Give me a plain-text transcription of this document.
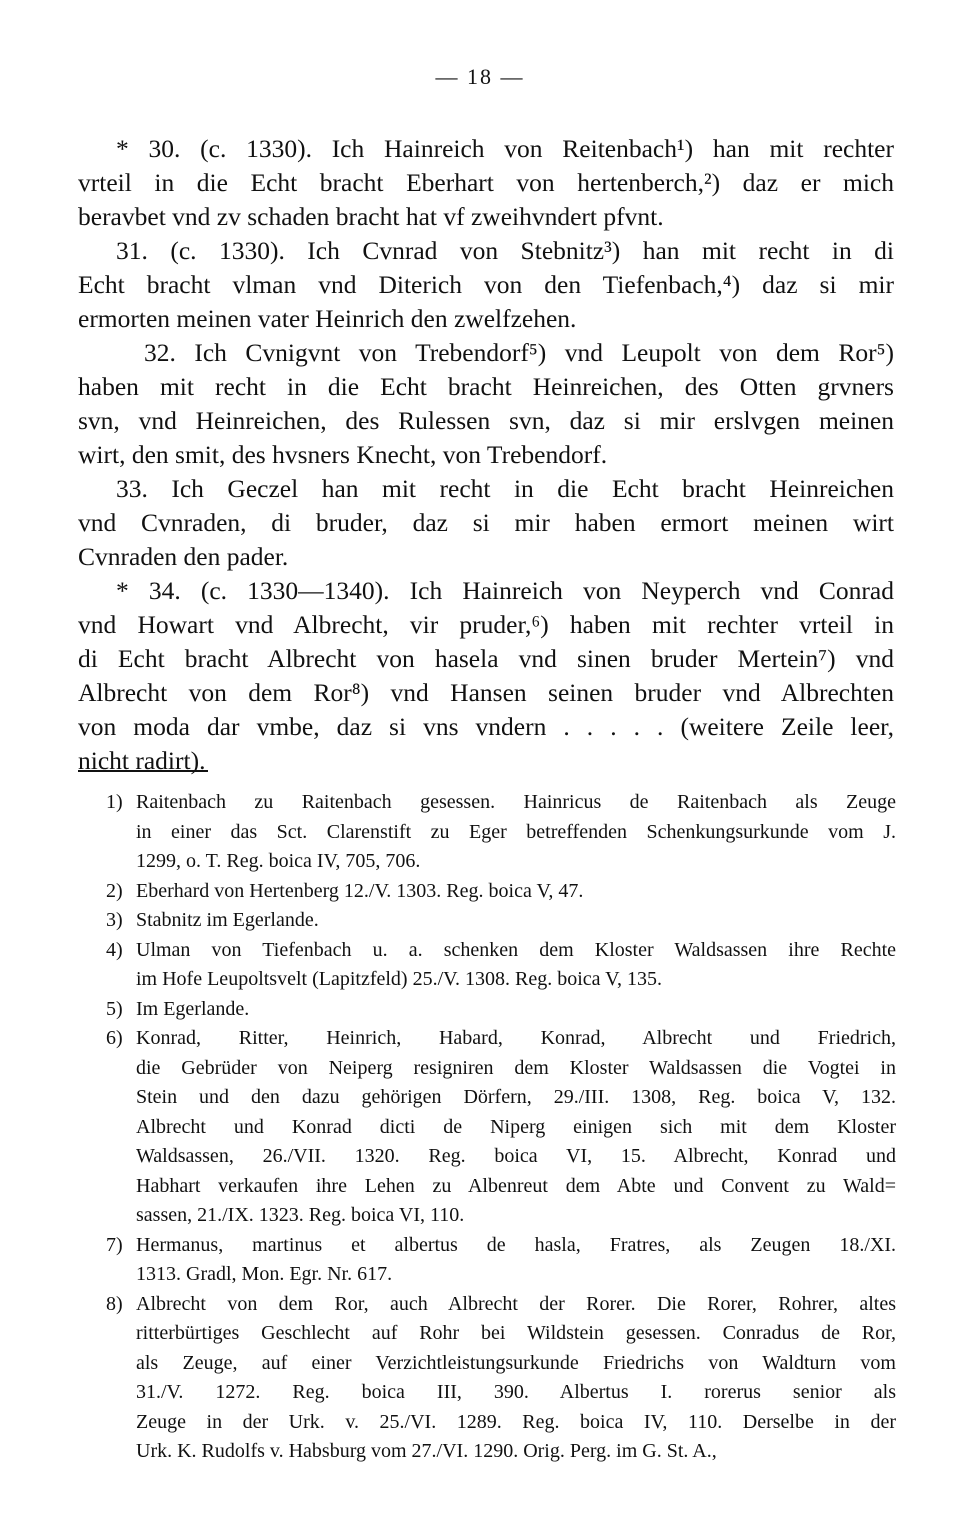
— 18 —
* 30. (c. 1330). Ich Hainreich von Reitenbach¹) han mit rechter
vrteil in die Echt bracht Eberhart von hertenberch,²) daz er mich
beravbet vnd zv schaden bracht hat vf zweihvndert pfvnt.
31. (c. 1330). Ich Cvnrad von Stebnitz³) han mit recht in di
Echt bracht vlman vnd Diterich von den Tiefenbach,⁴) daz si mir
ermorten meinen vater Heinrich den zwelfzehen.
32. Ich Cvnigvnt von Trebendorf⁵) vnd Leupolt von dem Ror⁵)
haben mit recht in die Echt bracht Heinreichen, des Otten grvners
svn, vnd Heinreichen, des Rulessen svn, daz si mir erslvgen meinen
wirt, den smit, des hvsners Knecht, von Trebendorf.
33. Ich Geczel han mit recht in die Echt bracht Heinreichen
vnd Cvnraden, di bruder, daz si mir haben ermort meinen wirt
Cvnraden den pader.
* 34. (c. 1330—1340). Ich Hainreich von Neyperch vnd Conrad
vnd Howart vnd Albrecht, vir pruder,⁶) haben mit rechter vrteil in
di Echt bracht Albrecht von hasela vnd sinen bruder Mertein⁷) vnd
Albrecht von dem Ror⁸) vnd Hansen seinen bruder vnd Albrechten
von moda dar vmbe, daz si vns vndern . . . . . (weitere Zeile leer,
nicht radirt).
1) Raitenbach zu Raitenbach gesessen. Hainricus de Raitenbach als Zeuge
in einer das Sct. Clarenstift zu Eger betreffenden Schenkungsurkunde vom J.
1299, o. T. Reg. boica IV, 705, 706.
2) Eberhard von Hertenberg 12./V. 1303. Reg. boica V, 47.
3) Stabnitz im Egerlande.
4) Ulman von Tiefenbach u. a. schenken dem Kloster Waldsassen ihre Rechte
im Hofe Leupoltsvelt (Lapitzfeld) 25./V. 1308. Reg. boica V, 135.
5) Im Egerlande.
6) Konrad, Ritter, Heinrich, Habard, Konrad, Albrecht und Friedrich,
die Gebrüder von Neiperg resigniren dem Kloster Waldsassen die Vogtei in
Stein und den dazu gehörigen Dörfern, 29./III. 1308, Reg. boica V, 132.
Albrecht und Konrad dicti de Niperg einigen sich mit dem Kloster
Waldsassen, 26./VII. 1320. Reg. boica VI, 15. Albrecht, Konrad und
Habhart verkaufen ihre Lehen zu Albenreut dem Abte und Convent zu Wald=
sassen, 21./IX. 1323. Reg. boica VI, 110.
7) Hermanus, martinus et albertus de hasla, Fratres, als Zeugen 18./XI.
1313. Gradl, Mon. Egr. Nr. 617.
8) Albrecht von dem Ror, auch Albrecht der Rorer. Die Rorer, Rohrer, altes
ritterbürtiges Geschlecht auf Rohr bei Wildstein gesessen. Conradus de Ror,
als Zeuge, auf einer Verzichtleistungsurkunde Friedrichs von Waldturn vom
31./V. 1272. Reg. boica III, 390. Albertus I. rorerus senior als
Zeuge in der Urk. v. 25./VI. 1289. Reg. boica IV, 110. Derselbe in der
Urk. K. Rudolfs v. Habsburg vom 27./VI. 1290. Orig. Perg. im G. St. A.,
